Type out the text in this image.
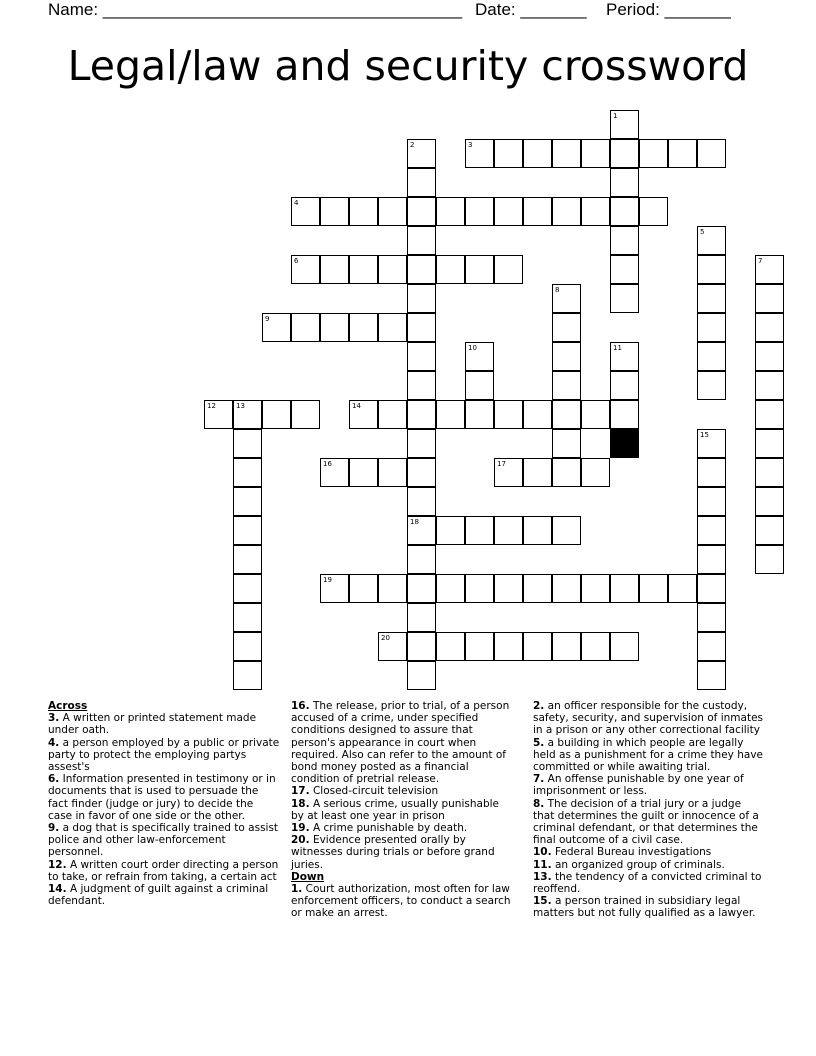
Name: ______________________________________

Date: _______

Period: _______

Legal/law and security crossword
1
2
18
3
4
5
6	7
8
9
10	11
12	13	14
15
16	17
19
20
Across
3. A written or printed statement made under oath.
4. a person employed by a public or private party to protect the employing partys assest's
6. Information presented in testimony or in documents that is used to persuade the fact finder (judge or jury) to decide the case in favor of one side or the other.
9. a dog that is specifically trained to assist police and other law-enforcement personnel.
12. A written court order directing a person to take, or refrain from taking, a certain act
14. A judgment of guilt against a criminal defendant.
16. The release, prior to trial, of a person accused of a crime, under specified conditions designed to assure that person's appearance in court when required. Also can refer to the amount of bond money posted as a financial condition of pretrial release.
17. Closed-circuit television
18. A serious crime, usually punishable by at least one year in prison
19. A crime punishable by death.
20. Evidence presented orally by witnesses during trials or before grand juries.
Down
1. Court authorization, most often for law enforcement officers, to conduct a search or make an arrest.
2. an officer responsible for the custody, safety, security, and supervision of inmates in a prison or any other correctional facility
5. a building in which people are legally held as a punishment for a crime they have committed or while awaiting trial.
7. An offense punishable by one year of imprisonment or less.
8. The decision of a trial jury or a judge that determines the guilt or innocence of a criminal defendant, or that determines the final outcome of a civil case.
10. Federal Bureau investigations
11. an organized group of criminals.
13. the tendency of a convicted criminal to reoffend.
15. a person trained in subsidiary legal matters but not fully qualified as a lawyer.
